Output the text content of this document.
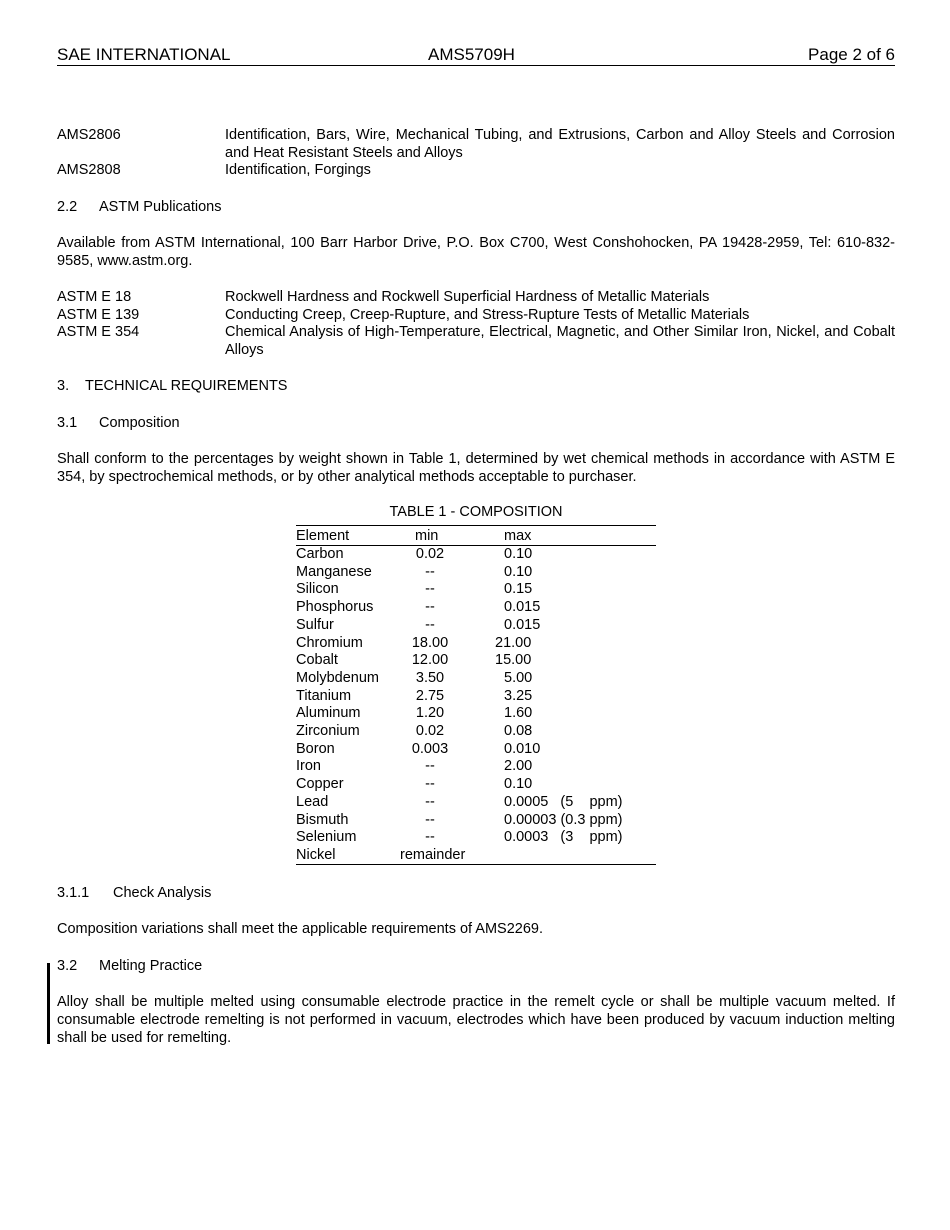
SAE INTERNATIONAL	AMS5709H	Page 2 of 6
AMS2806	Identification, Bars, Wire, Mechanical Tubing, and Extrusions, Carbon and Alloy Steels and Corrosion and Heat Resistant Steels and Alloys
AMS2808	Identification, Forgings
2.2 ASTM Publications
Available from ASTM International, 100 Barr Harbor Drive, P.O. Box C700, West Conshohocken, PA 19428-2959, Tel: 610-832-9585, www.astm.org.
ASTM E 18	Rockwell Hardness and Rockwell Superficial Hardness of Metallic Materials
ASTM E 139	Conducting Creep, Creep-Rupture, and Stress-Rupture Tests of Metallic Materials
ASTM E 354	Chemical Analysis of High-Temperature, Electrical, Magnetic, and Other Similar Iron, Nickel, and Cobalt Alloys
3. TECHNICAL REQUIREMENTS
3.1 Composition
Shall conform to the percentages by weight shown in Table 1, determined by wet chemical methods in accordance with ASTM E 354, by spectrochemical methods, or by other analytical methods acceptable to purchaser.
TABLE 1 - COMPOSITION
Element	min	max
Carbon	0.02	0.10
Manganese	--	0.10
Silicon	--	0.15
Phosphorus	--	0.015
Sulfur	--	0.015
Chromium	18.00	21.00
Cobalt	12.00	15.00
Molybdenum	3.50	5.00
Titanium	2.75	3.25
Aluminum	1.20	1.60
Zirconium	0.02	0.08
Boron	0.003	0.010
Iron	--	2.00
Copper	--	0.10
Lead	--	0.0005   (5    ppm)
Bismuth	--	0.00003 (0.3 ppm)
Selenium	--	0.0003   (3    ppm)
Nickel	remainder
3.1.1 Check Analysis
Composition variations shall meet the applicable requirements of AMS2269.
3.2 Melting Practice
Alloy shall be multiple melted using consumable electrode practice in the remelt cycle or shall be multiple vacuum melted. If consumable electrode remelting is not performed in vacuum, electrodes which have been produced by vacuum induction melting shall be used for remelting.
